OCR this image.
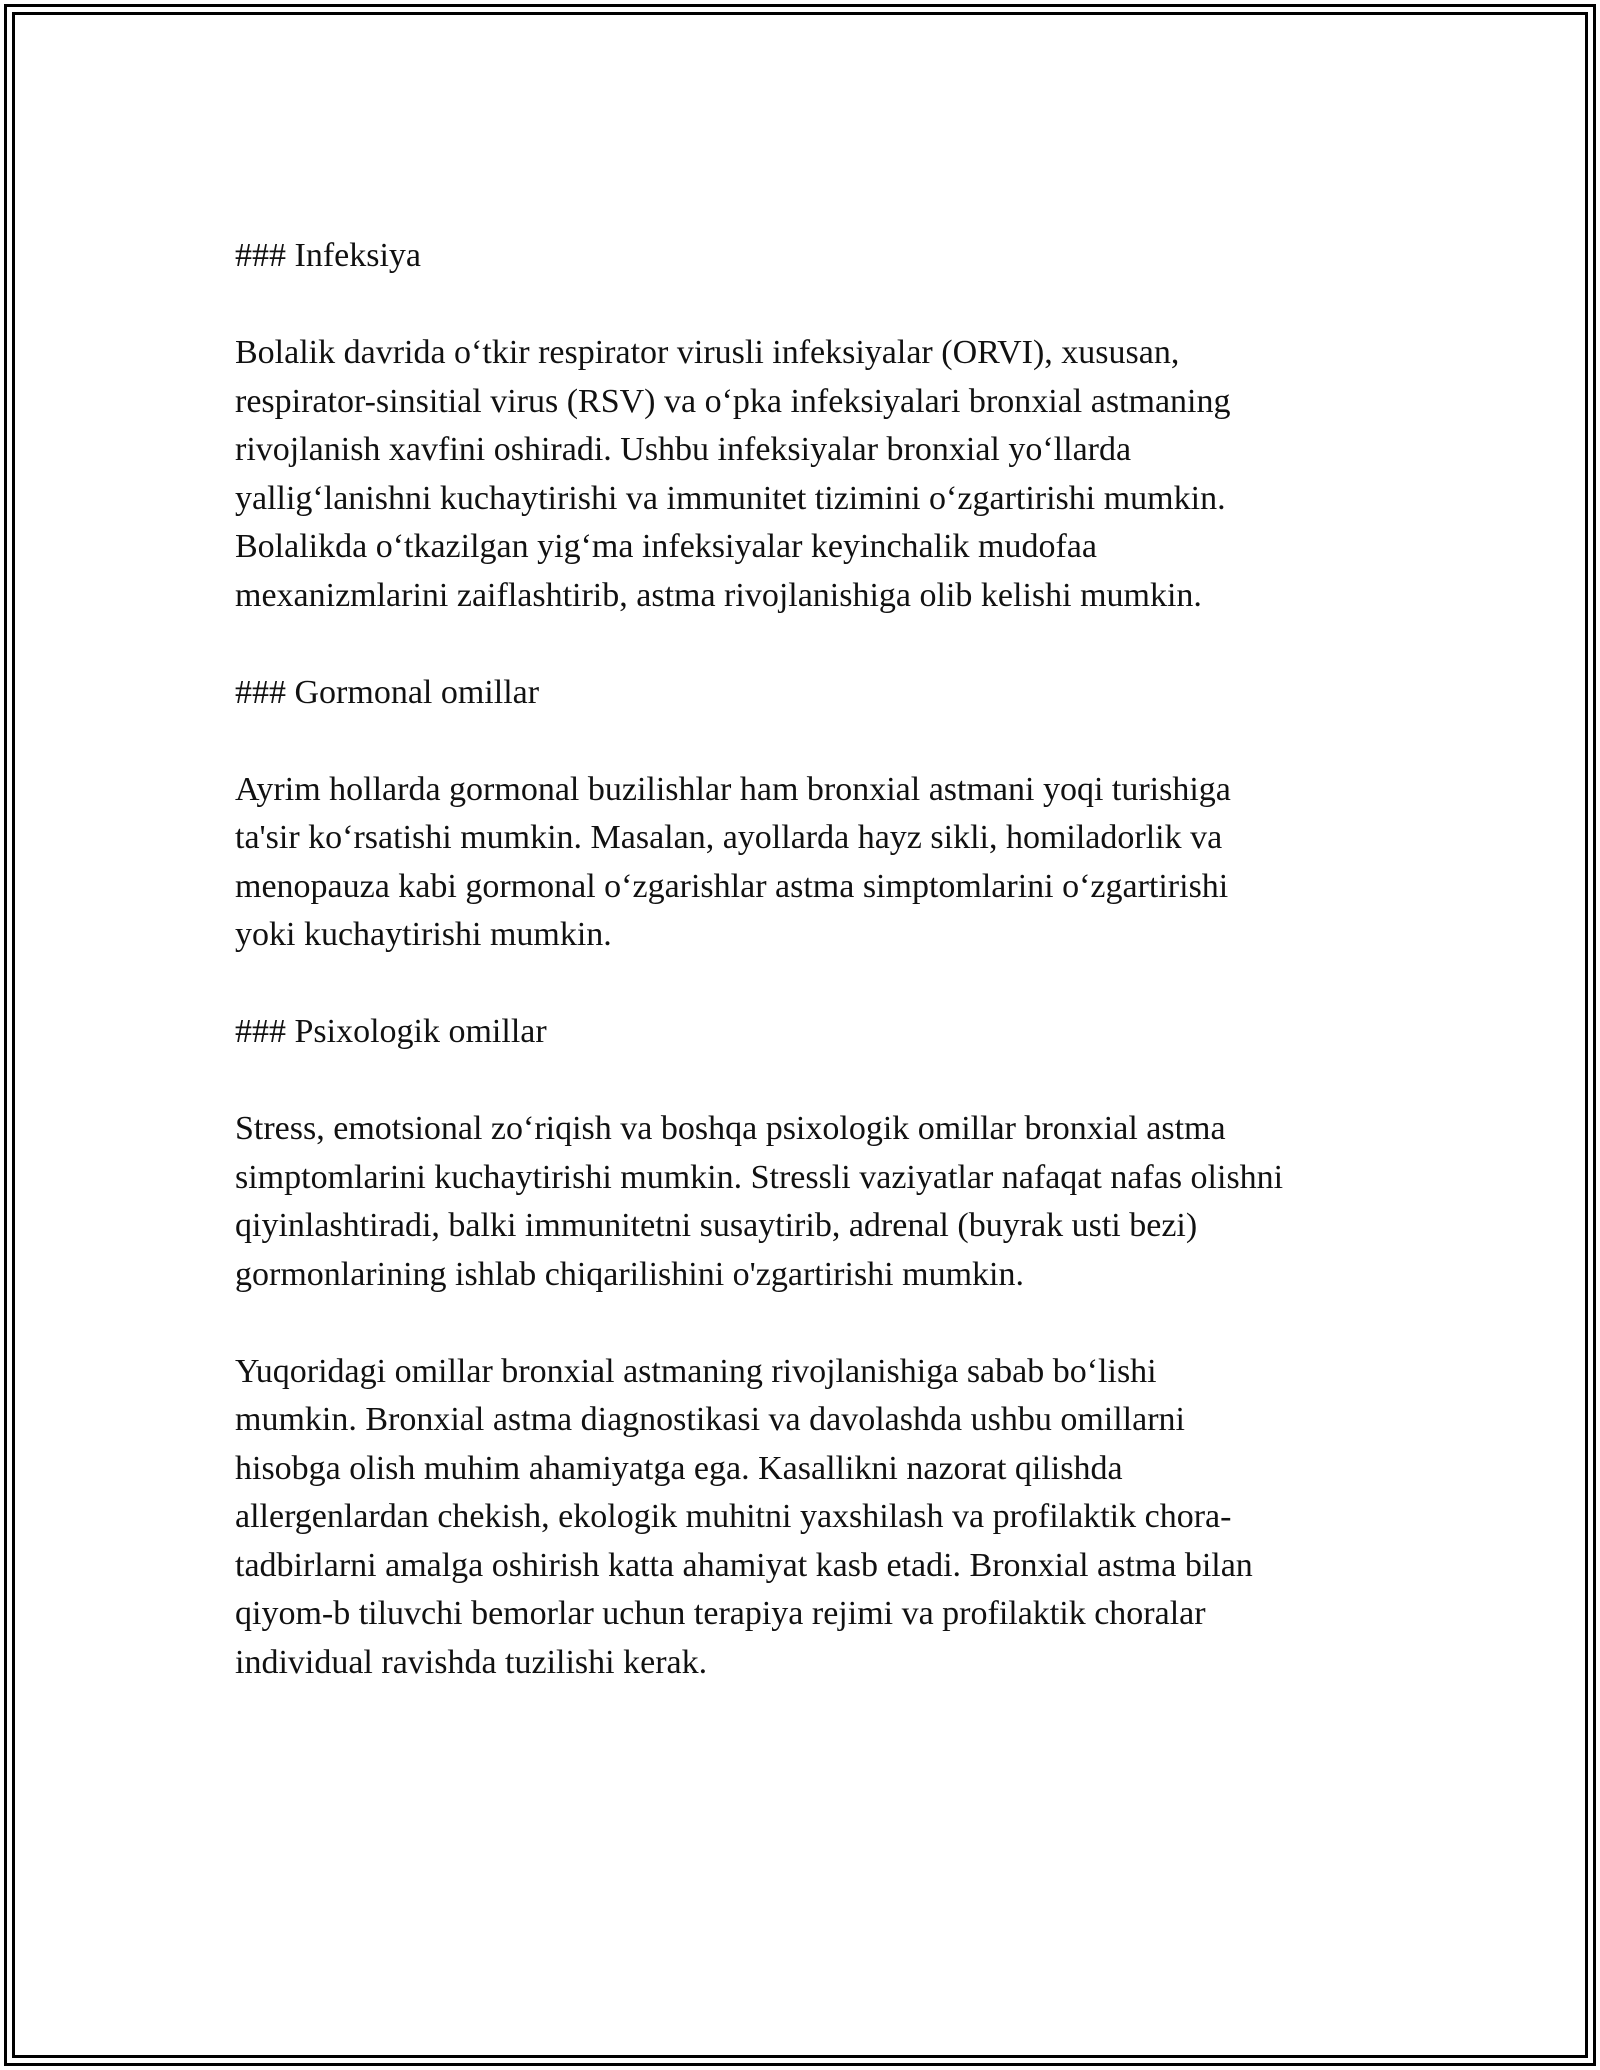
### Infeksiya

Bolalik davrida o‘tkir respirator virusli infeksiyalar (ORVI), xususan,
respirator-sinsitial virus (RSV) va o‘pka infeksiyalari bronxial astmaning
rivojlanish xavfini oshiradi. Ushbu infeksiyalar bronxial yo‘llarda
yallig‘lanishni kuchaytirishi va immunitet tizimini o‘zgartirishi mumkin.
Bolalikda o‘tkazilgan yig‘ma infeksiyalar keyinchalik mudofaa
mexanizmlarini zaiflashtirib, astma rivojlanishiga olib kelishi mumkin.

### Gormonal omillar

Ayrim hollarda gormonal buzilishlar ham bronxial astmani yoqi turishiga
ta'sir ko‘rsatishi mumkin. Masalan, ayollarda hayz sikli, homiladorlik va
menopauza kabi gormonal o‘zgarishlar astma simptomlarini o‘zgartirishi
yoki kuchaytirishi mumkin.

### Psixologik omillar

Stress, emotsional zo‘riqish va boshqa psixologik omillar bronxial astma
simptomlarini kuchaytirishi mumkin. Stressli vaziyatlar nafaqat nafas olishni
qiyinlashtiradi, balki immunitetni susaytirib, adrenal (buyrak usti bezi)
gormonlarining ishlab chiqarilishini o'zgartirishi mumkin.

Yuqoridagi omillar bronxial astmaning rivojlanishiga sabab bo‘lishi
mumkin. Bronxial astma diagnostikasi va davolashda ushbu omillarni
hisobga olish muhim ahamiyatga ega. Kasallikni nazorat qilishda
allergenlardan chekish, ekologik muhitni yaxshilash va profilaktik chora-
tadbirlarni amalga oshirish katta ahamiyat kasb etadi. Bronxial astma bilan
qiyom-b tiluvchi bemorlar uchun terapiya rejimi va profilaktik choralar
individual ravishda tuzilishi kerak.
